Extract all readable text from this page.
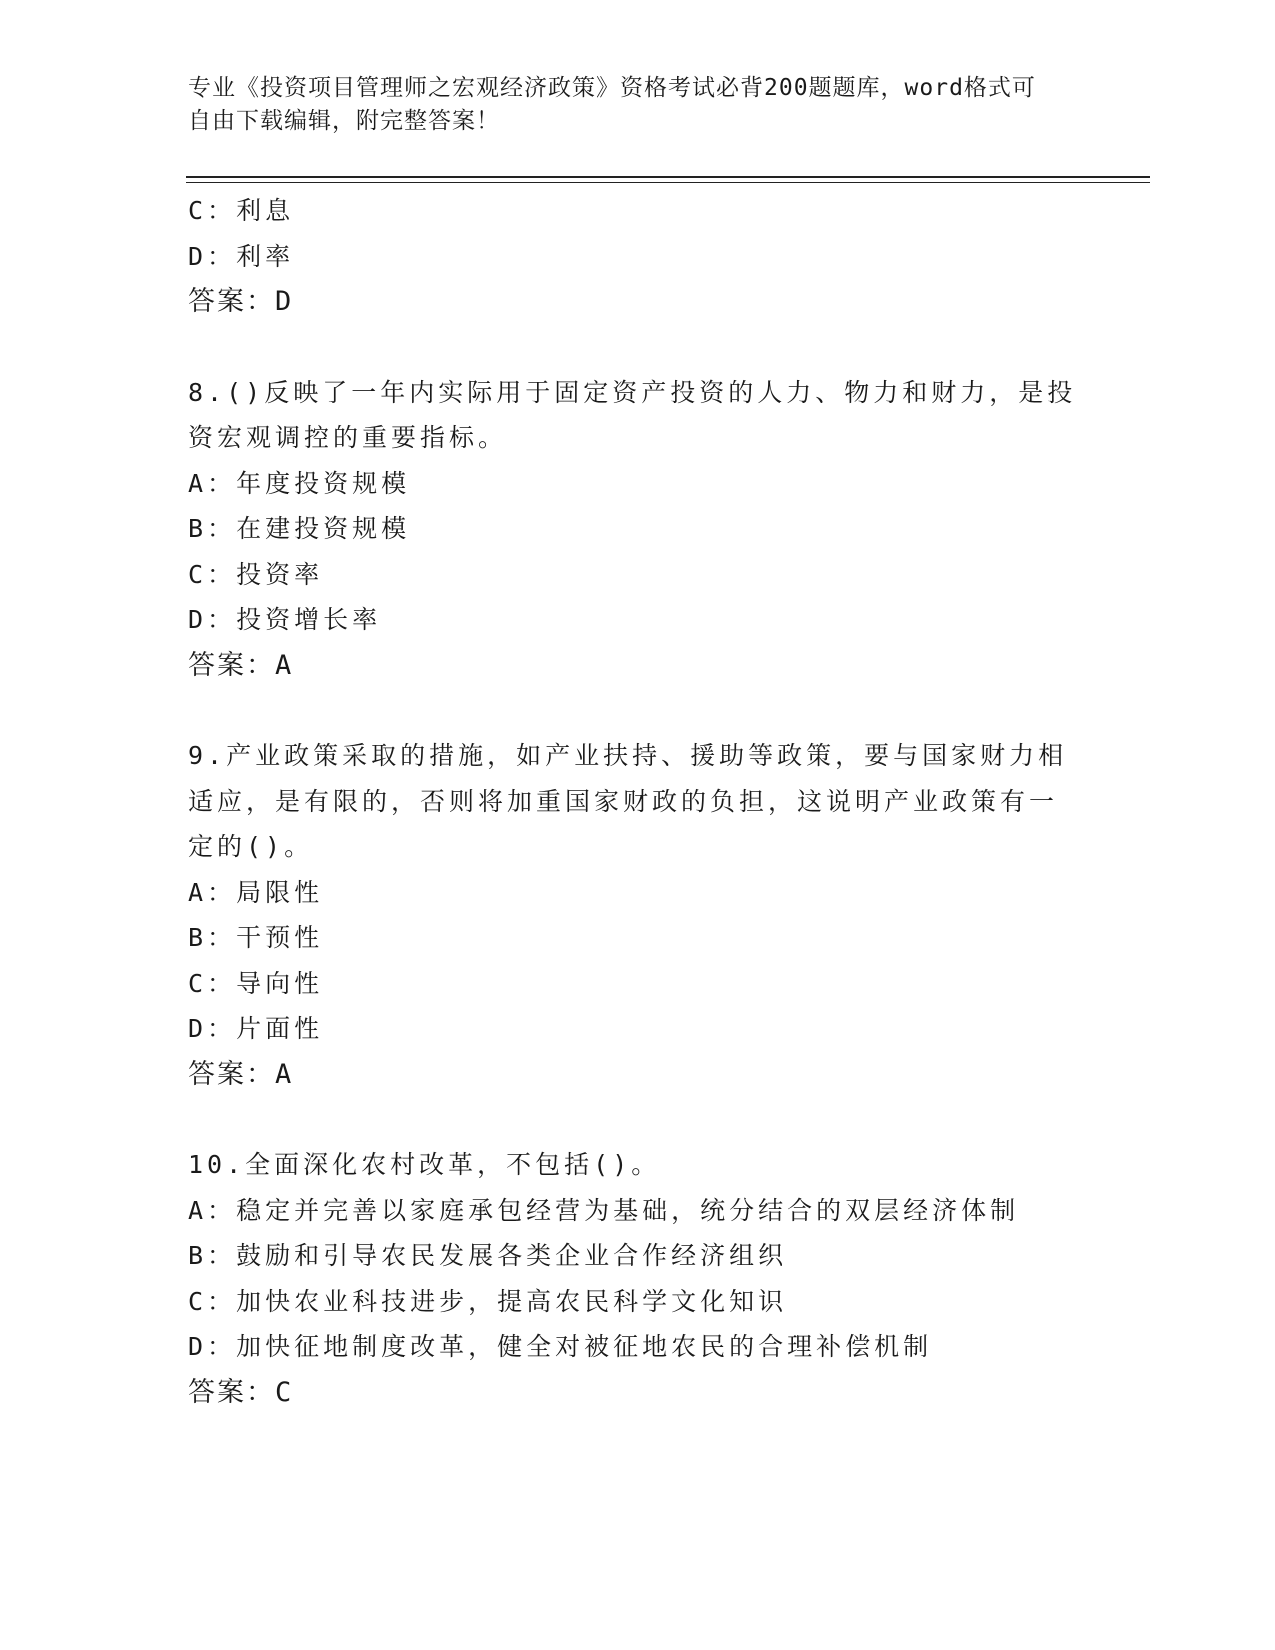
专业《投资项目管理师之宏观经济政策》资格考试必背200题题库，word格式可
自由下载编辑，附完整答案！
C：利息
D：利率
答案：D
8.()反映了一年内实际用于固定资产投资的人力、物力和财力，是投
资宏观调控的重要指标。
A：年度投资规模
B：在建投资规模
C：投资率
D：投资增长率
答案：A
9.产业政策采取的措施，如产业扶持、援助等政策，要与国家财力相
适应，是有限的，否则将加重国家财政的负担，这说明产业政策有一
定的()。
A：局限性
B：干预性
C：导向性
D：片面性
答案：A
10.全面深化农村改革，不包括()。
A：稳定并完善以家庭承包经营为基础，统分结合的双层经济体制
B：鼓励和引导农民发展各类企业合作经济组织
C：加快农业科技进步，提高农民科学文化知识
D：加快征地制度改革，健全对被征地农民的合理补偿机制
答案：C
